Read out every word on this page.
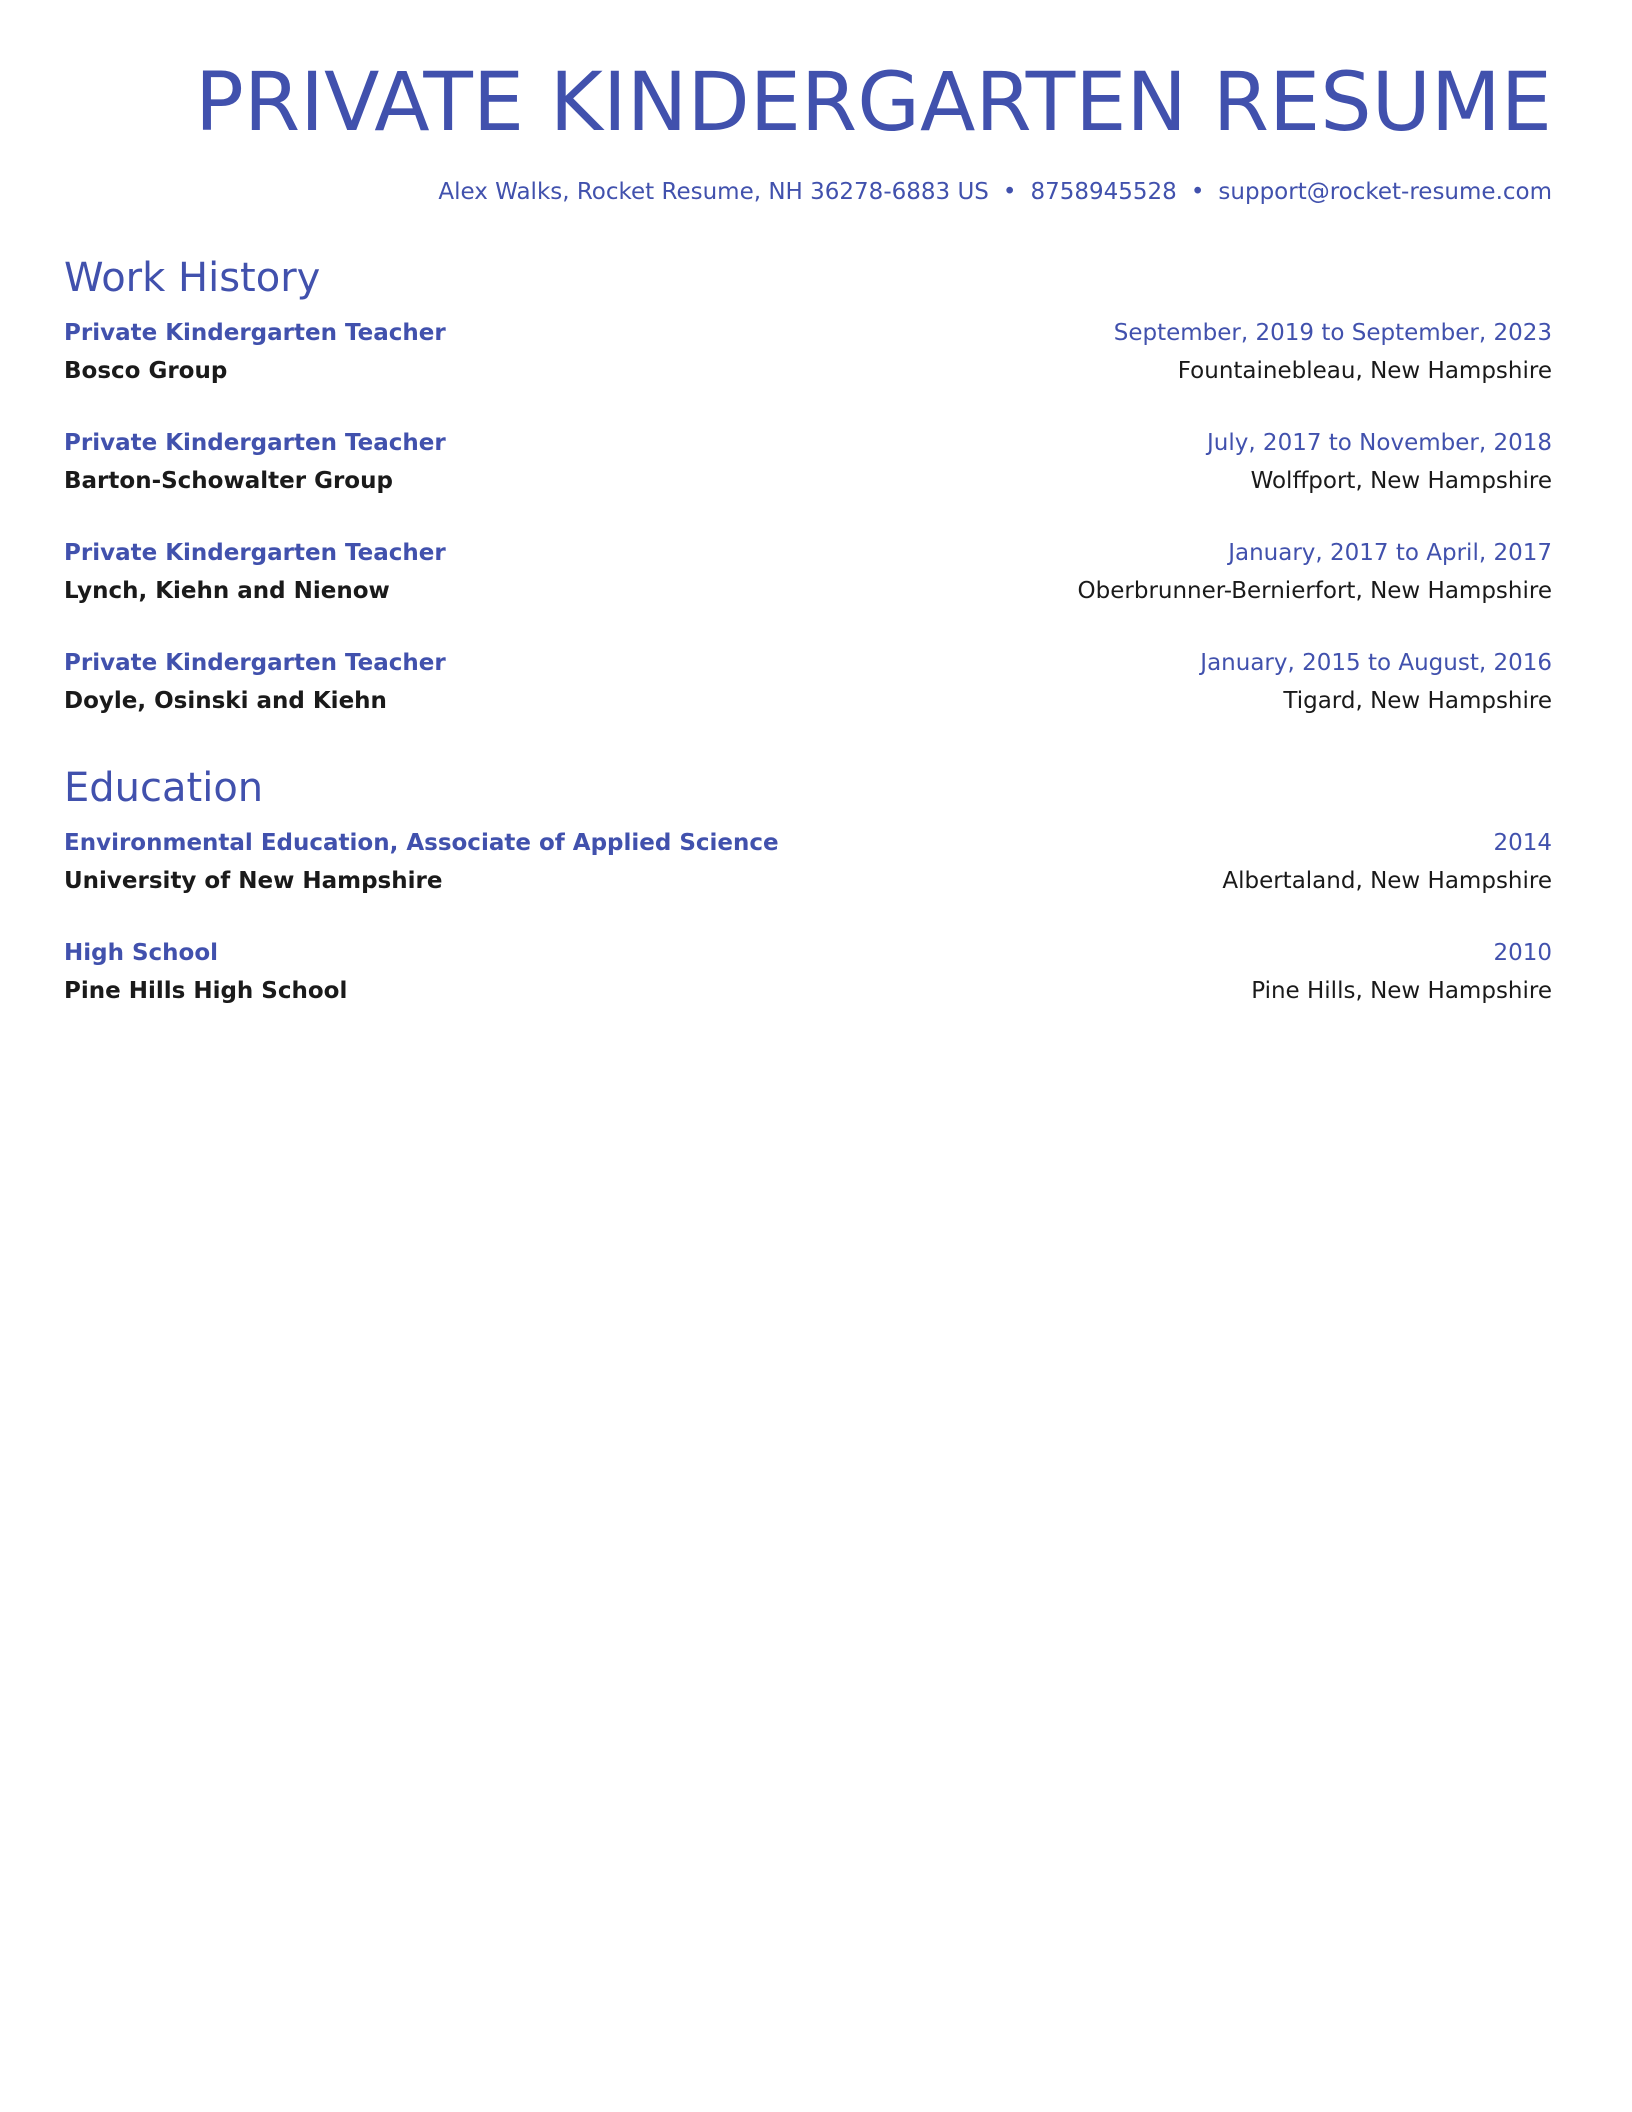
PRIVATE KINDERGARTEN RESUME
Alex Walks, Rocket Resume, NH 36278-6883 US • 8758945528 • support@rocket-resume.com
Work History
Private Kindergarten Teacher	September, 2019 to September, 2023
Bosco Group	Fountainebleau, New Hampshire
Private Kindergarten Teacher	July, 2017 to November, 2018
Barton-Schowalter Group	Wolffport, New Hampshire
Private Kindergarten Teacher	January, 2017 to April, 2017
Lynch, Kiehn and Nienow	Oberbrunner-Bernierfort, New Hampshire
Private Kindergarten Teacher	January, 2015 to August, 2016
Doyle, Osinski and Kiehn	Tigard, New Hampshire
Education
Environmental Education, Associate of Applied Science	2014
University of New Hampshire	Albertaland, New Hampshire
High School	2010
Pine Hills High School	Pine Hills, New Hampshire
